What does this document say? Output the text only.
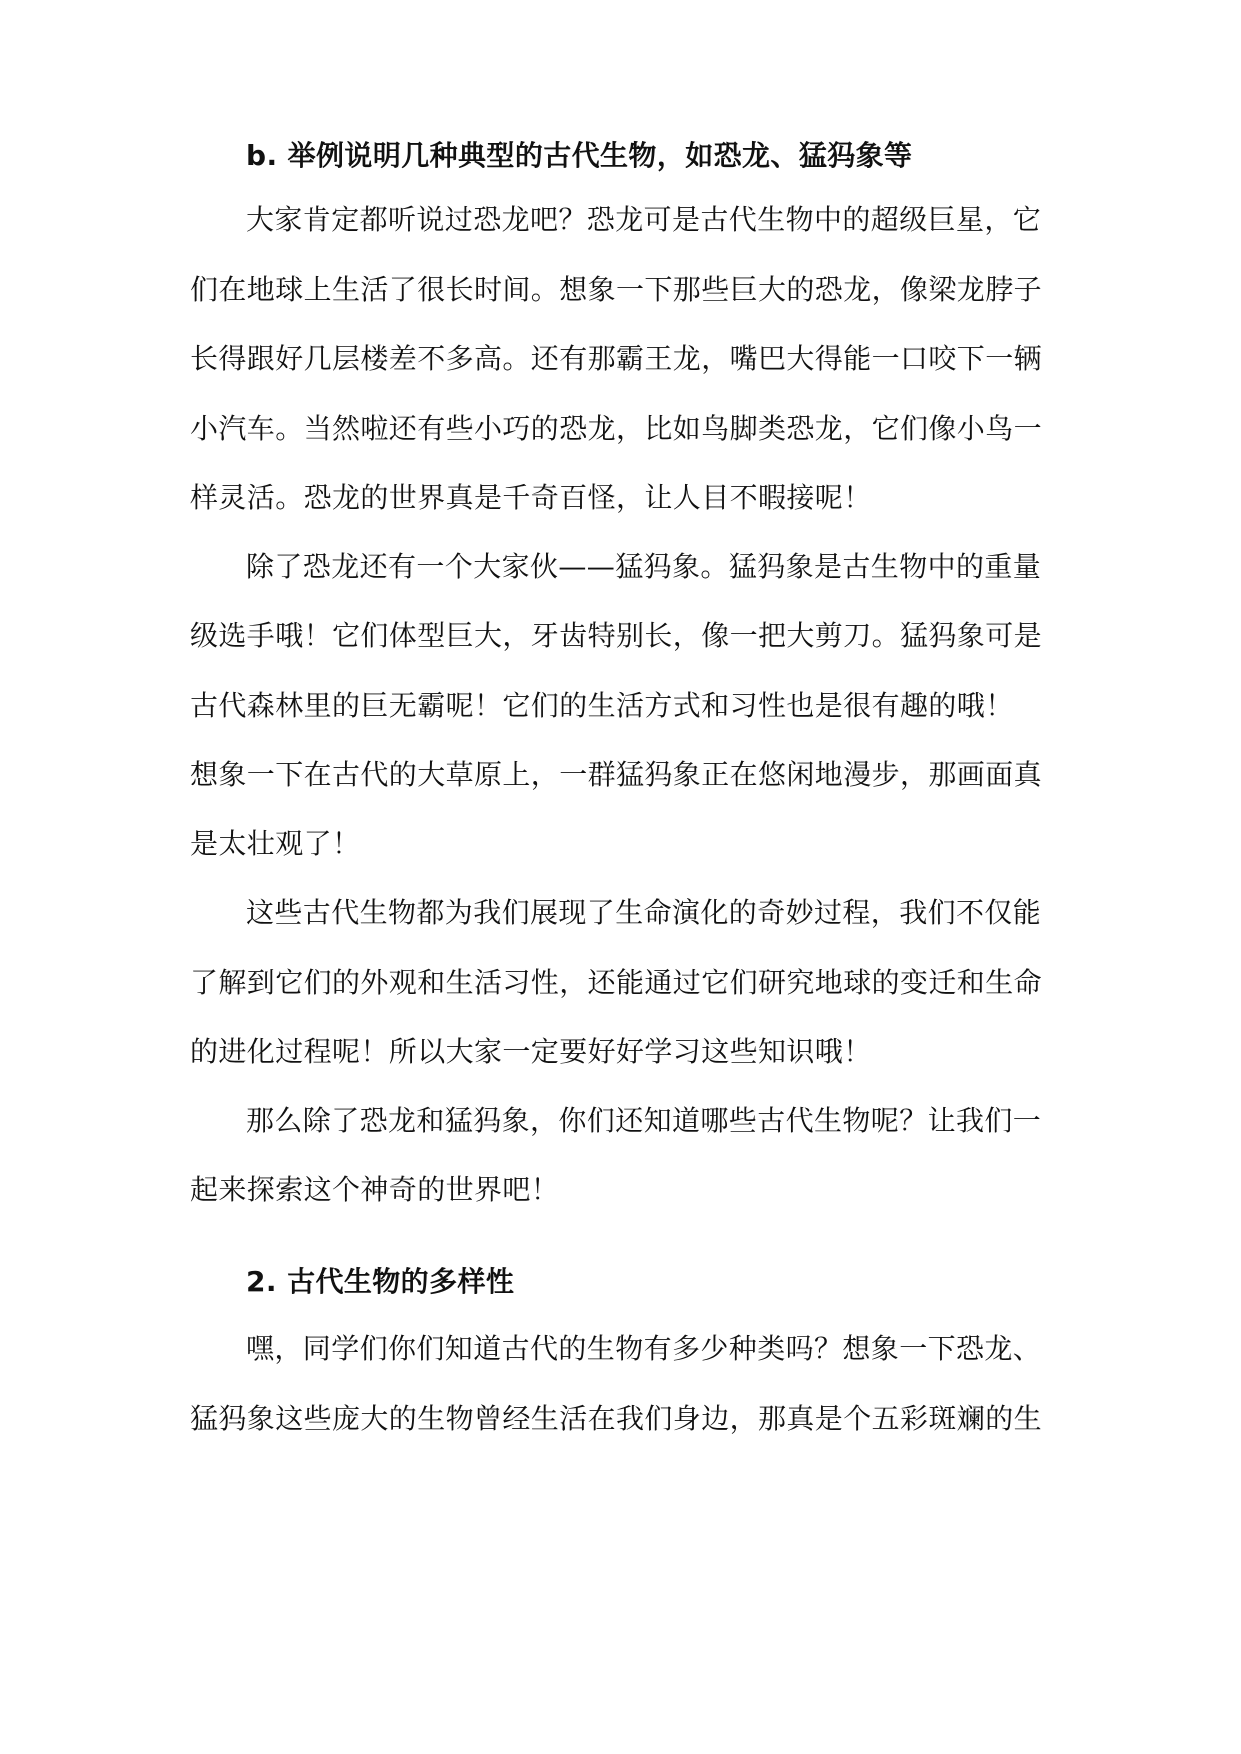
b. 举例说明几种典型的古代生物，如恐龙、猛犸象等
大家肯定都听说过恐龙吧？恐龙可是古代生物中的超级巨星，它
们在地球上生活了很长时间。想象一下那些巨大的恐龙，像梁龙脖子
长得跟好几层楼差不多高。还有那霸王龙，嘴巴大得能一口咬下一辆
小汽车。当然啦还有些小巧的恐龙，比如鸟脚类恐龙，它们像小鸟一
样灵活。恐龙的世界真是千奇百怪，让人目不暇接呢！
除了恐龙还有一个大家伙——猛犸象。猛犸象是古生物中的重量
级选手哦！它们体型巨大，牙齿特别长，像一把大剪刀。猛犸象可是
古代森林里的巨无霸呢！它们的生活方式和习性也是很有趣的哦！
想象一下在古代的大草原上，一群猛犸象正在悠闲地漫步，那画面真
是太壮观了！
这些古代生物都为我们展现了生命演化的奇妙过程，我们不仅能
了解到它们的外观和生活习性，还能通过它们研究地球的变迁和生命
的进化过程呢！所以大家一定要好好学习这些知识哦！
那么除了恐龙和猛犸象，你们还知道哪些古代生物呢？让我们一
起来探索这个神奇的世界吧！
2. 古代生物的多样性
嘿，同学们你们知道古代的生物有多少种类吗？想象一下恐龙、
猛犸象这些庞大的生物曾经生活在我们身边，那真是个五彩斑斓的生
